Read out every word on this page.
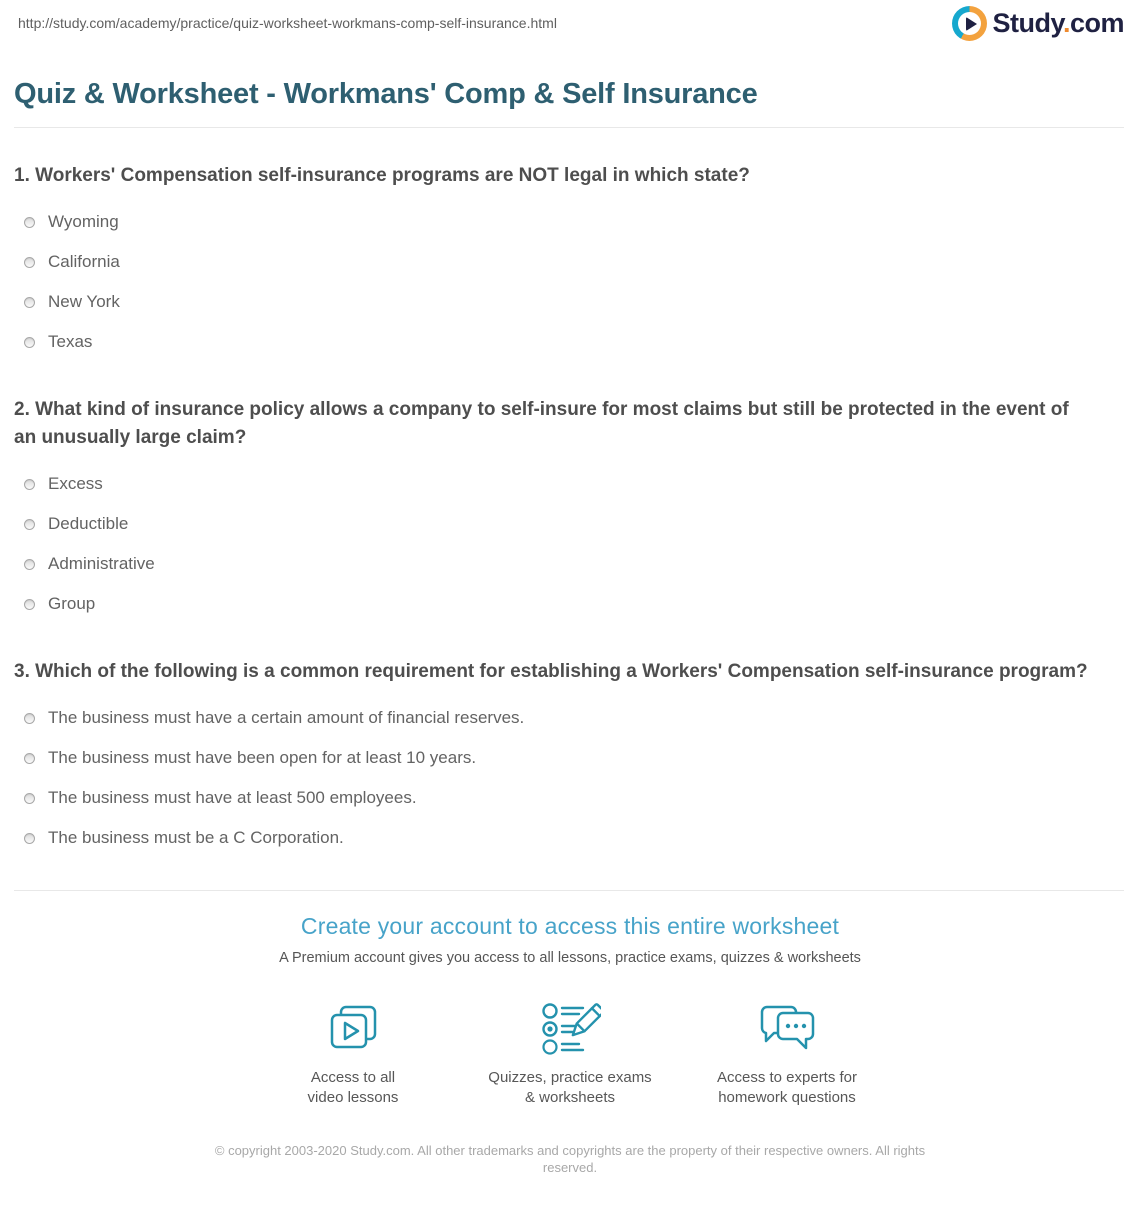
http://study.com/academy/practice/quiz-worksheet-workmans-comp-self-insurance.html	Study.com
Quiz & Worksheet - Workmans' Comp & Self Insurance
1. Workers' Compensation self-insurance programs are NOT legal in which state?
Wyoming
California
New York
Texas
2. What kind of insurance policy allows a company to self-insure for most claims but still be protected in the event of an unusually large claim?
Excess
Deductible
Administrative
Group
3. Which of the following is a common requirement for establishing a Workers' Compensation self-insurance program?
The business must have a certain amount of financial reserves.
The business must have been open for at least 10 years.
The business must have at least 500 employees.
The business must be a C Corporation.
Create your account to access this entire worksheet
A Premium account gives you access to all lessons, practice exams, quizzes & worksheets
Access to all
video lessons
Quizzes, practice exams
& worksheets
Access to experts for
homework questions
© copyright 2003-2020 Study.com. All other trademarks and copyrights are the property of their respective owners. All rights reserved.
